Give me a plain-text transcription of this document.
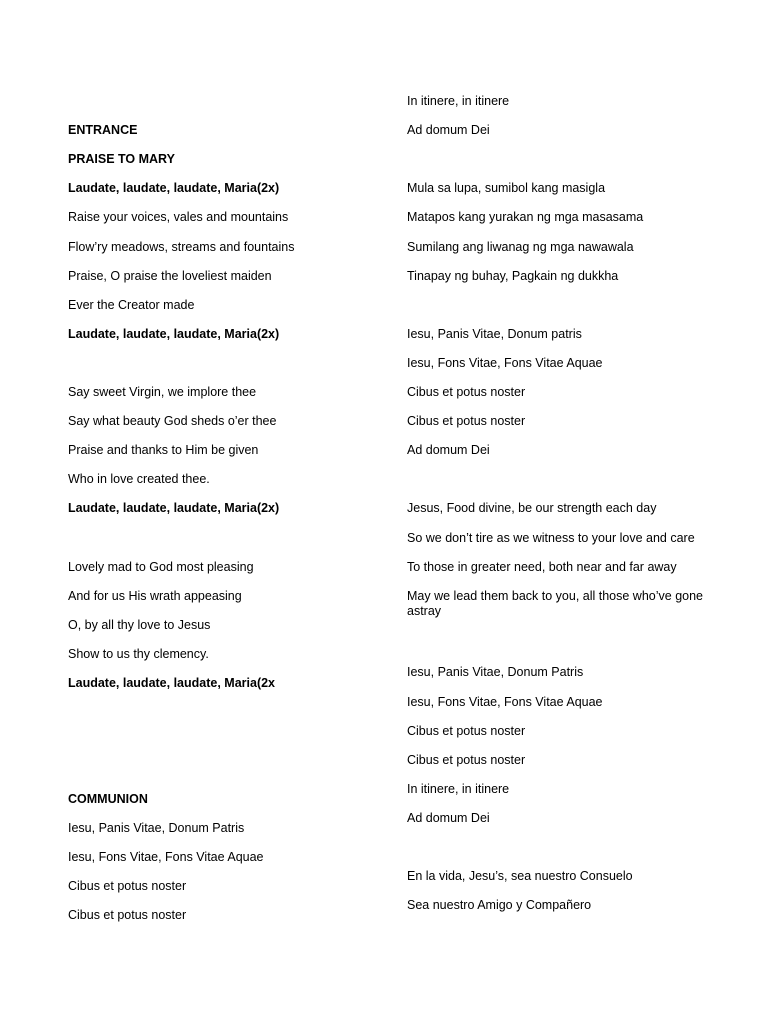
ENTRANCE
PRAISE TO MARY
Laudate, laudate, laudate, Maria(2x)
Raise your voices, vales and mountains
Flow’ry meadows, streams and fountains
Praise, O praise the loveliest maiden
Ever the Creator made
Laudate, laudate, laudate, Maria(2x)
Say sweet Virgin, we implore thee
Say what beauty God sheds o’er thee
Praise and thanks to Him be given
Who in love created thee.
Laudate, laudate, laudate, Maria(2x)
Lovely mad to God most pleasing
And for us His wrath appeasing
O, by all thy love to Jesus
Show to us thy clemency.
Laudate, laudate, laudate, Maria(2x
COMMUNION
Iesu, Panis Vitae, Donum Patris
Iesu, Fons Vitae, Fons Vitae Aquae
Cibus et potus noster
Cibus et potus noster
In itinere, in itinere
Ad domum Dei
Mula sa lupa, sumibol kang masigla
Matapos kang yurakan ng mga masasama
Sumilang ang liwanag ng mga nawawala
Tinapay ng buhay, Pagkain ng dukkha
Iesu, Panis Vitae, Donum patris
Iesu, Fons Vitae, Fons Vitae Aquae
Cibus et potus noster
Cibus et potus noster
Ad domum Dei
Jesus, Food divine, be our strength each day
So we don’t tire as we witness to your love and care
To those in greater need, both near and far away
May we lead them back to you, all those who’ve gone astray
Iesu, Panis Vitae, Donum Patris
Iesu, Fons Vitae, Fons Vitae Aquae
Cibus et potus noster
Cibus et potus noster
In itinere, in itinere
Ad domum Dei
En la vida, Jesu’s, sea nuestro Consuelo
Sea nuestro Amigo y Compañero
